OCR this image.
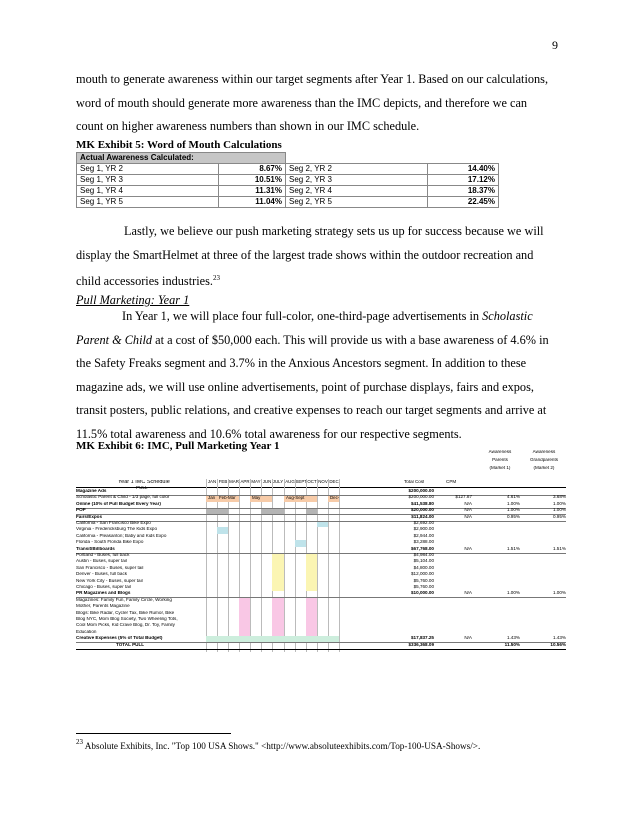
9
mouth to generate awareness within our target segments after Year 1. Based on our calculations,
word of mouth should generate more awareness than the IMC depicts, and therefore we can
count on higher awareness numbers than shown in our IMC schedule.
MK Exhibit 5: Word of Mouth Calculations
Actual Awareness Calculated:			
Seg 1, YR 2	8.67%	Seg 2, YR 2	14.40%
Seg 1, YR 3	10.51%	Seg 2, YR 3	17.12%
Seg 1, YR 4	11.31%	Seg 2, YR 4	18.37%
Seg 1, YR 5	11.04%	Seg 2, YR 5	22.45%
Lastly, we believe our push marketing strategy sets us up for success because we will
display the SmartHelmet at three of the largest trade shows within the outdoor recreation and
child accessories industries.$^{23}$
Pull Marketing: Year 1
In Year 1, we will place four full-color, one-third-page advertisements in Scholastic
Parent & Child at a cost of $50,000 each. This will provide us with a base awareness of 4.6% in
the Safety Freaks segment and 3.7% in the Anxious Ancestors segment. In addition to these
magazine ads, we will use online advertisements, point of purchase displays, fairs and expos,
transit posters, public relations, and creative expenses to reach our target segments and arrive at
11.5% total awareness and 10.6% total awareness for our respective segments.
MK Exhibit 6: IMC, Pull Marketing Year 1
Year 1 IMC Schedule
PULL
JAN FEB MAR APR MAY JUN JULY AUG SEPT OCT NOV DEC	Total Cost	CPM
Awareness
Parents
(Market 1)
Awareness
Grandparents
(Market 2)
Jan Feb-Mar	May	Aug-Sept	Dec-
Magazine Ads	$200,000.00
Scholastic Parent & Child - 1/3 page, full color	$200,000.00	$127.87	4.61%	3.68%
Online (10% of Pull Budget Every Year)	$41,538.80	N/A	1.00%	1.00%
POP	$20,000.00	N/A	1.00%	1.00%
Fairs/Expos	$11,824.00	N/A	0.95%	0.95%
California - San Francisco Bike Expo	$2,692.00
Virginia - Fredericksburg The Kids Expo	$2,900.00
California - Pleasanton; Baby and Kids Expo	$2,944.00
Florida - South Florida Bike Expo	$3,288.00
Transit/Billboards	$67,768.00	N/A	1.51%	1.51%
Portland - Buses, full back	$4,984.00
Austin - Buses, super tail	$5,104.00
San Francisco - Buses, super tail	$4,800.00
Denver - Buses, full back	$12,000.00
New York City - Buses, super tail	$5,760.00
Chicago - Buses, super tail	$5,760.00
PR Magazines and Blogs	$10,000.00	N/A	1.00%	1.00%
Magazines: Family Fun, Family Circle, Working
Mother, Parents Magazine
Blogs: Bike Radar, Cycler Tax, Bike Rumor, Bike
Blog NYC, Mom Blog Society, Two Wheeling Tots,
Cool Mom Picks, Kid Crave Blog, Dr. Toy, Family
Education
Creative Expenses (5% of Total Budget)	$17,837.25	N/A	1.43%	1.43%
TOTAL PULL	$336,368.09	11.50%	10.56%
$^{23}$ Absolute Exhibits, Inc. "Top 100 USA Shows." <http://www.absoluteexhibits.com/Top-100-USA-Shows/>.
